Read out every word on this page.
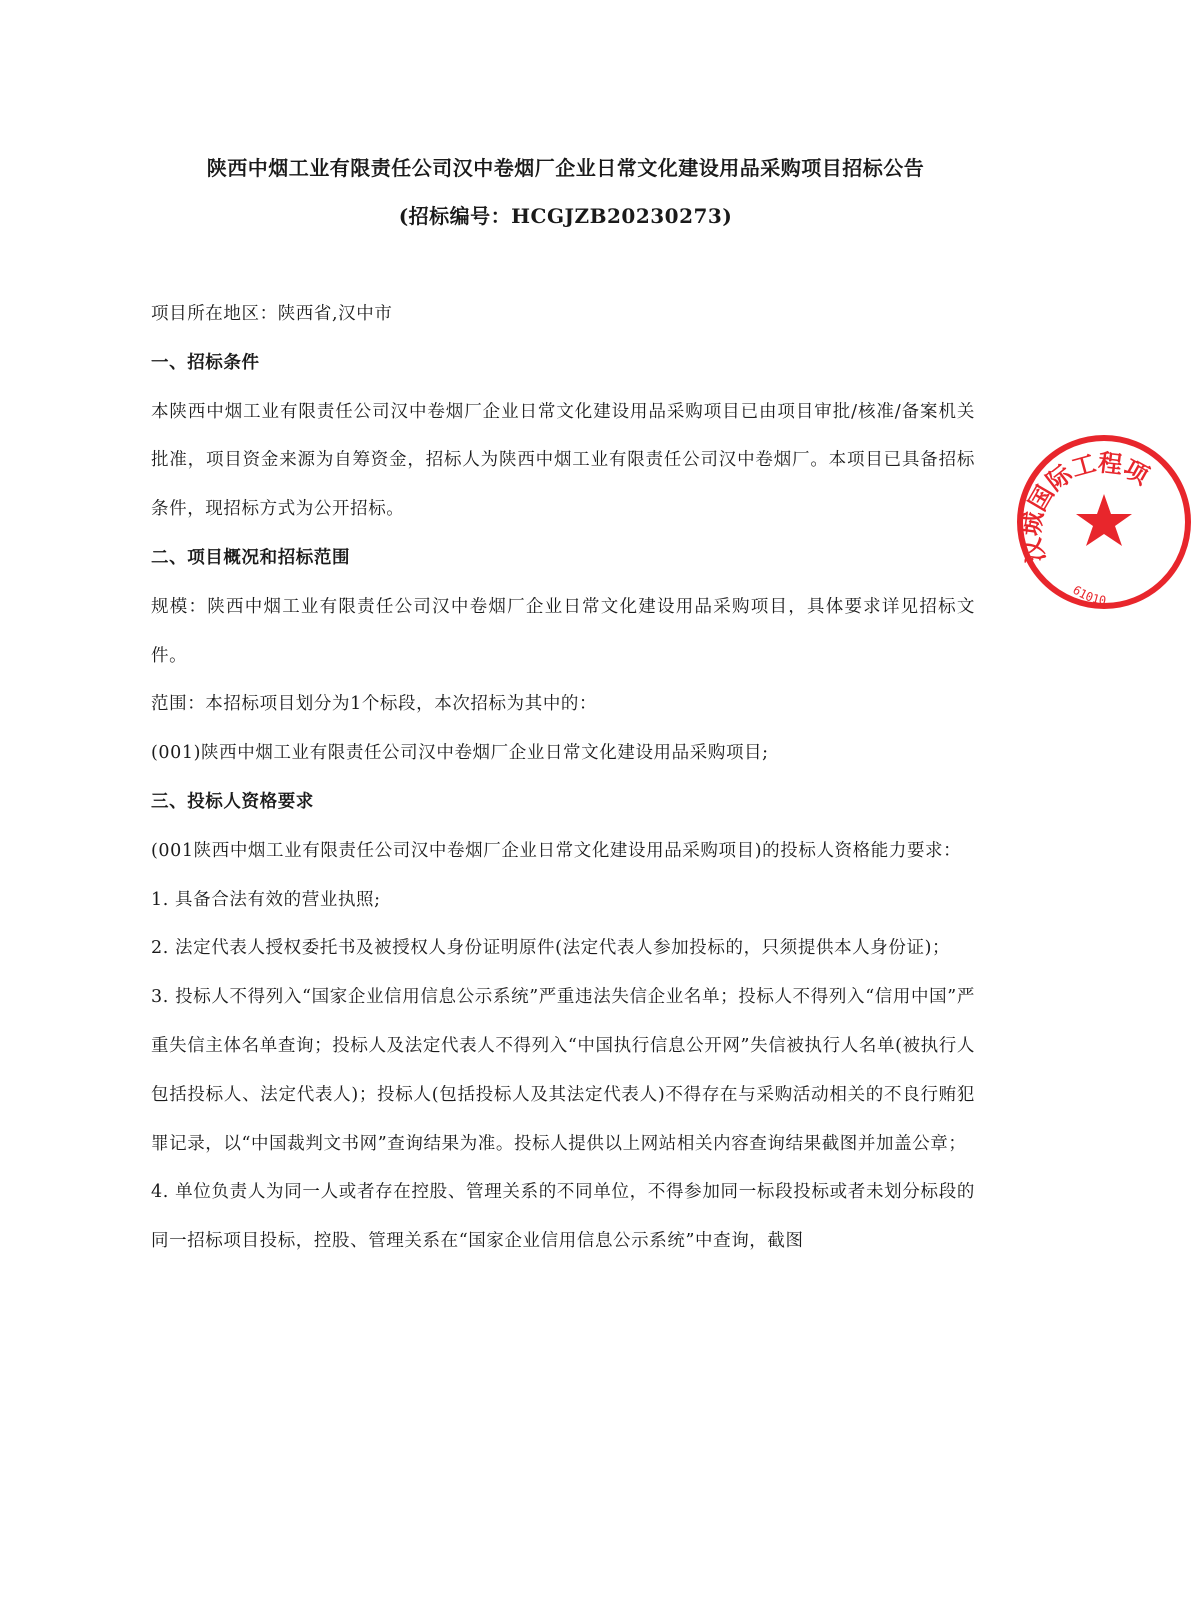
陕西中烟工业有限责任公司汉中卷烟厂企业日常文化建设用品采购项目招标公告
(招标编号：HCGJZB20230273)

项目所在地区：陕西省,汉中市

一、招标条件

本陕西中烟工业有限责任公司汉中卷烟厂企业日常文化建设用品采购项目已由项目审批/核准/备案机关批准，项目资金来源为自筹资金，招标人为陕西中烟工业有限责任公司汉中卷烟厂。本项目已具备招标条件，现招标方式为公开招标。

二、项目概况和招标范围

规模：陕西中烟工业有限责任公司汉中卷烟厂企业日常文化建设用品采购项目，具体要求详见招标文件。

范围：本招标项目划分为1个标段，本次招标为其中的：

(001)陕西中烟工业有限责任公司汉中卷烟厂企业日常文化建设用品采购项目;

三、投标人资格要求

(001陕西中烟工业有限责任公司汉中卷烟厂企业日常文化建设用品采购项目)的投标人资格能力要求：

1. 具备合法有效的营业执照;

2. 法定代表人授权委托书及被授权人身份证明原件(法定代表人参加投标的，只须提供本人身份证)；

3. 投标人不得列入“国家企业信用信息公示系统”严重违法失信企业名单；投标人不得列入“信用中国”严重失信主体名单查询；投标人及法定代表人不得列入“中国执行信息公开网”失信被执行人名单(被执行人包括投标人、法定代表人)；投标人(包括投标人及其法定代表人)不得存在与采购活动相关的不良行贿犯罪记录，以“中国裁判文书网”查询结果为准。投标人提供以上网站相关内容查询结果截图并加盖公章；

4. 单位负责人为同一人或者存在控股、管理关系的不同单位，不得参加同一标段投标或者未划分标段的同一招标项目投标，控股、管理关系在“国家企业信用信息公示系统”中查询，截图

汉城国际工程项
61010
